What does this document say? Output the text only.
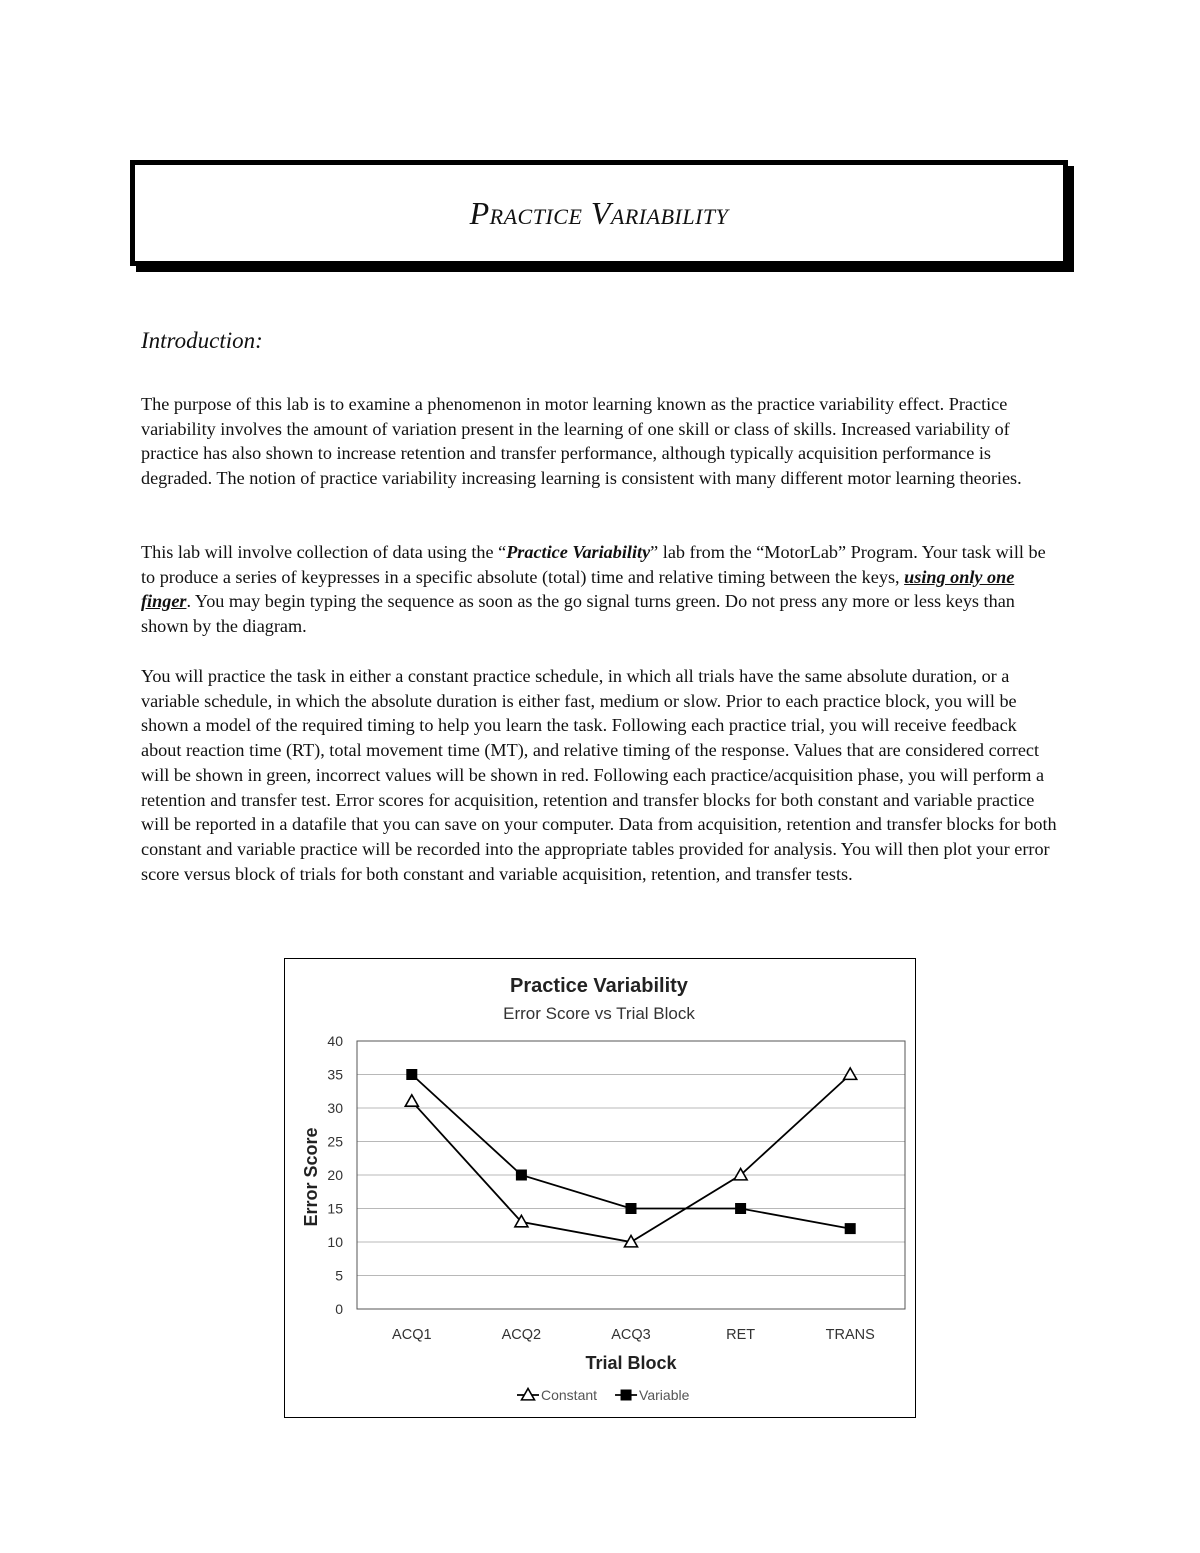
Practice Variability
Introduction:

The purpose of this lab is to examine a phenomenon in motor learning known as the practice variability effect. Practice variability involves the amount of variation present in the learning of one skill or class of skills. Increased variability of practice has also shown to increase retention and transfer performance, although typically acquisition performance is degraded. The notion of practice variability increasing learning is consistent with many different motor learning theories.

This lab will involve collection of data using the “Practice Variability” lab from the “MotorLab” Program. Your task will be to produce a series of keypresses in a specific absolute (total) time and relative timing between the keys, using only one finger. You may begin typing the sequence as soon as the go signal turns green. Do not press any more or less keys than shown by the diagram.

You will practice the task in either a constant practice schedule, in which all trials have the same absolute duration, or a variable schedule, in which the absolute duration is either fast, medium or slow. Prior to each practice block, you will be shown a model of the required timing to help you learn the task. Following each practice trial, you will receive feedback about reaction time (RT), total movement time (MT), and relative timing of the response. Values that are considered correct will be shown in green, incorrect values will be shown in red. Following each practice/acquisition phase, you will perform a retention and transfer test. Error scores for acquisition, retention and transfer blocks for both constant and variable practice will be reported in a datafile that you can save on your computer. Data from acquisition, retention and transfer blocks for both constant and variable practice will be recorded into the appropriate tables provided for analysis. You will then plot your error score versus block of trials for both constant and variable acquisition, retention, and transfer tests.

Practice Variability
Error Score vs Trial Block
Trial Block
Error Score
0
5
10
15
20
25
30
35
40
ACQ1	ACQ2	ACQ3	RET	TRANS
Constant	Variable
